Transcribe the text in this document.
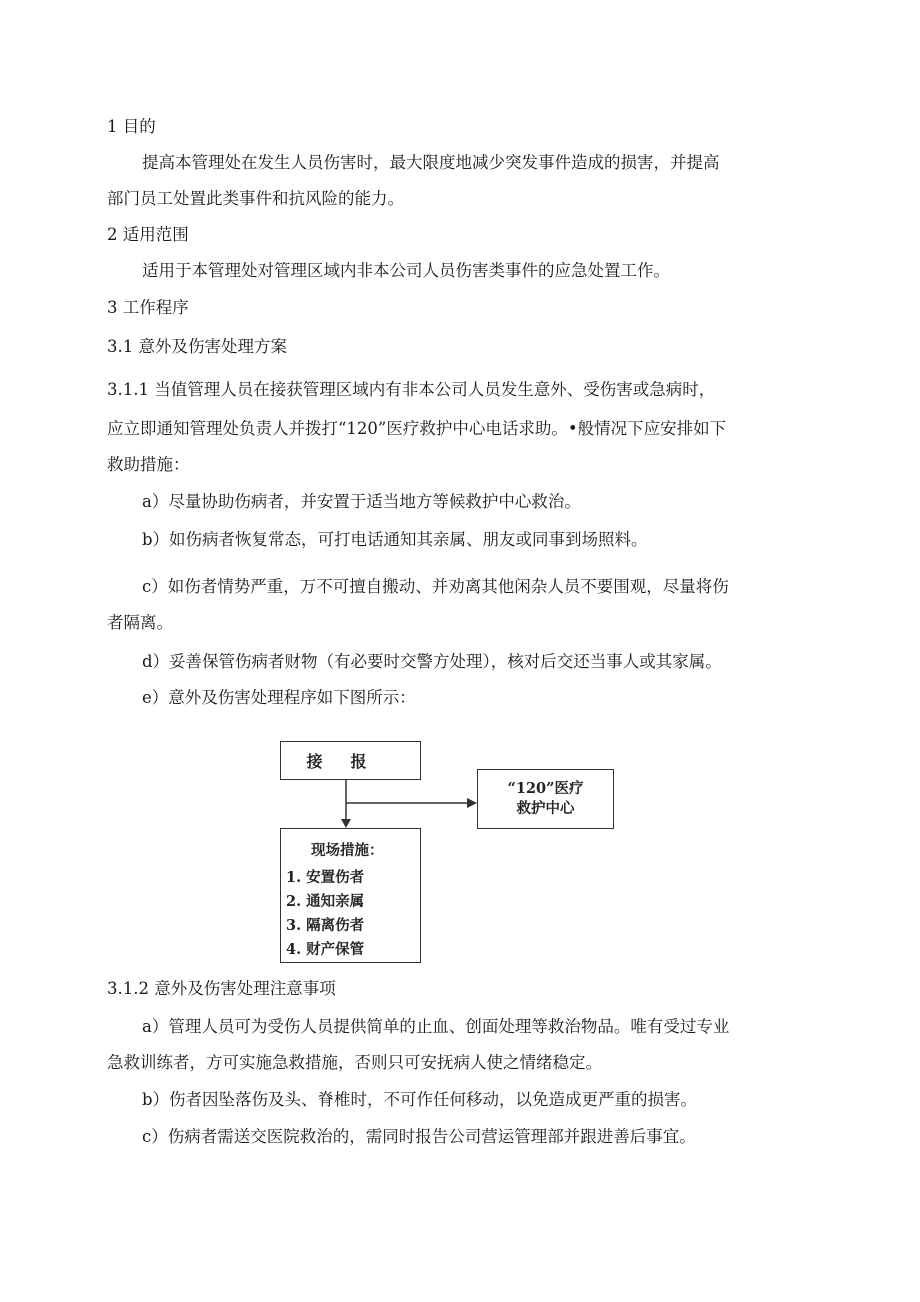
1 目的
提高本管理处在发生人员伤害时，最大限度地减少突发事件造成的损害，并提高
部门员工处置此类事件和抗风险的能力。
2 适用范围
适用于本管理处对管理区域内非本公司人员伤害类事件的应急处置工作。
3 工作程序
3.1 意外及伤害处理方案
3.1.1 当值管理人员在接获管理区域内有非本公司人员发生意外、受伤害或急病时，
应立即通知管理处负责人并拨打“120”医疗救护中心电话求助。•般情况下应安排如下
救助措施：
a）尽量协助伤病者，并安置于适当地方等候救护中心救治。
b）如伤病者恢复常态，可打电话通知其亲属、朋友或同事到场照料。
c）如伤者情势严重，万不可擅自搬动、并劝离其他闲杂人员不要围观，尽量将伤
者隔离。
d）妥善保管伤病者财物（有必要时交警方处理），核对后交还当事人或其家属。
e）意外及伤害处理程序如下图所示：
接报
“120”医疗
救护中心
现场措施：
1. 安置伤者
2. 通知亲属
3. 隔离伤者
4. 财产保管
3.1.2 意外及伤害处理注意事项
a）管理人员可为受伤人员提供简单的止血、创面处理等救治物品。唯有受过专业
急救训练者，方可实施急救措施，否则只可安抚病人使之情绪稳定。
b）伤者因坠落伤及头、脊椎时，不可作任何移动，以免造成更严重的损害。
c）伤病者需送交医院救治的，需同时报告公司营运管理部并跟进善后事宜。
